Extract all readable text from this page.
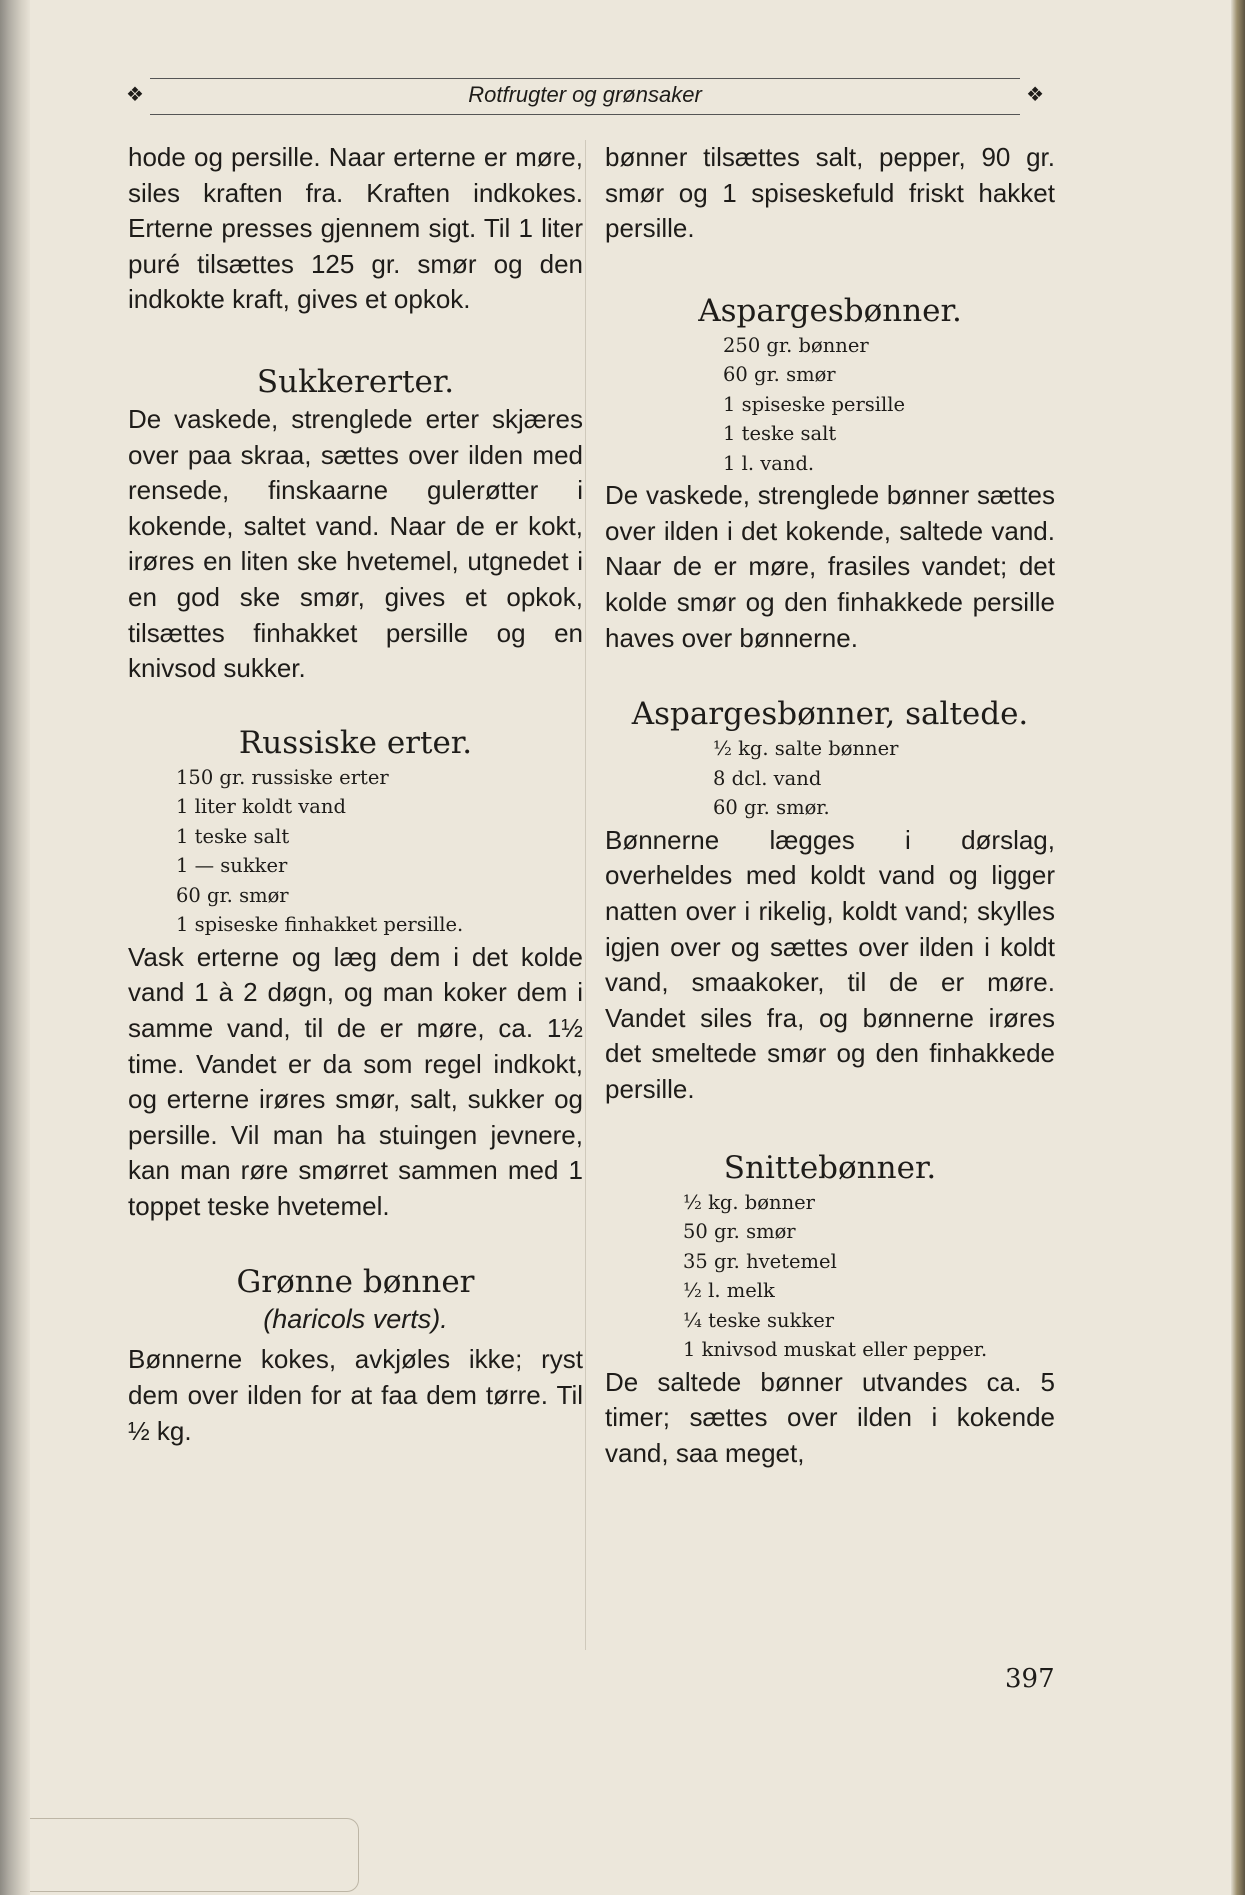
❖	Rotfrugter og grønsaker	❖

hode og persille. Naar erterne er møre, siles kraften fra. Kraften indkokes. Erterne presses gjennem sigt. Til 1 liter puré tilsættes 125 gr. smør og den indkokte kraft, gives et opkok.

Sukkererter.

De vaskede, strenglede erter skjæres over paa skraa, sættes over ilden med rensede, finskaarne gulerøtter i kokende, saltet vand. Naar de er kokt, irøres en liten ske hvetemel, utgnedet i en god ske smør, gives et opkok, tilsættes finhakket persille og en knivsod sukker.

Russiske erter.
150 gr. russiske erter
1 liter koldt vand
1 teske salt
1 — sukker
60 gr. smør
1 spiseske finhakket persille.

Vask erterne og læg dem i det kolde vand 1 à 2 døgn, og man koker dem i samme vand, til de er møre, ca. 1½ time. Vandet er da som regel indkokt, og erterne irøres smør, salt, sukker og persille. Vil man ha stuingen jevnere, kan man røre smørret sammen med 1 toppet teske hvetemel.

Grønne bønner

(haricols verts).

Bønnerne kokes, avkjøles ikke; ryst dem over ilden for at faa dem tørre. Til ½ kg.

bønner tilsættes salt, pepper, 90 gr. smør og 1 spiseskefuld friskt hakket persille.

Aspargesbønner.
250 gr. bønner
60 gr. smør
1 spiseske persille
1 teske salt
1 l. vand.

De vaskede, strenglede bønner sættes over ilden i det kokende, saltede vand. Naar de er møre, frasiles vandet; det kolde smør og den finhakkede persille haves over bønnerne.

Aspargesbønner, saltede.
½ kg. salte bønner
8 dcl. vand
60 gr. smør.

Bønnerne lægges i dørslag, overheldes med koldt vand og ligger natten over i rikelig, koldt vand; skylles igjen over og sættes over ilden i koldt vand, smaakoker, til de er møre. Vandet siles fra, og bønnerne irøres det smeltede smør og den finhakkede persille.

Snittebønner.
½ kg. bønner
50 gr. smør
35 gr. hvetemel
½ l. melk
¼ teske sukker
1 knivsod muskat eller pepper.

De saltede bønner utvandes ca. 5 timer; sættes over ilden i kokende vand, saa meget,

397
